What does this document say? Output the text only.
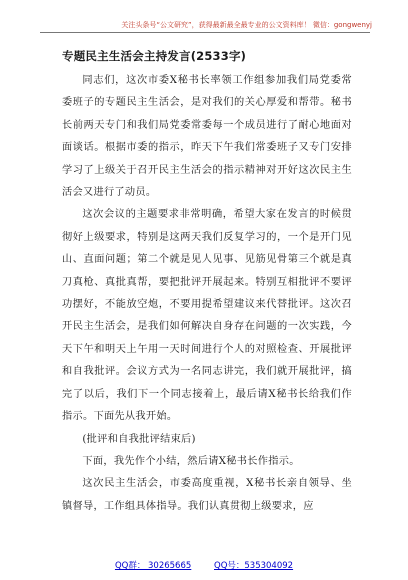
关注头条号“公文研究”，获得最新最全最专业的公文资料库！ 微信：gongwenyj
专题民主生活会主持发言(2533字)

同志们，这次市委X秘书长率领工作组参加我们局党委常委班子的专题民主生活会，是对我们的关心厚爱和帮带。秘书长前两天专门和我们局党委常委每一个成员进行了耐心地面对面谈话。根据市委的指示，昨天下午我们常委班子又专门安排学习了上级关于召开民主生活会的指示精神对开好这次民主生活会又进行了动员。

这次会议的主题要求非常明确，希望大家在发言的时候贯彻好上级要求，特别是这两天我们反复学习的，一个是开门见山、直面问题；第二个就是见人见事、见筋见骨第三个就是真刀真枪、真批真帮，要把批评开展起来。特别互相批评不要评功摆好，不能放空炮，不要用提希望建议来代替批评。这次召开民主生活会，是我们如何解决自身存在问题的一次实践，今天下午和明天上午用一天时间进行个人的对照检查、开展批评和自我批评。会议方式为一名同志讲完，我们就开展批评，搞完了以后，我们下一个同志接着上，最后请X秘书长给我们作指示。下面先从我开始。

(批评和自我批评结束后)

下面，我先作个小结，然后请X秘书长作指示。

这次民主生活会，市委高度重视，X秘书长亲自领导、坐镇督导，工作组具体指导。我们认真贯彻上级要求，应

QQ群： 30265665	QQ号：535304092
